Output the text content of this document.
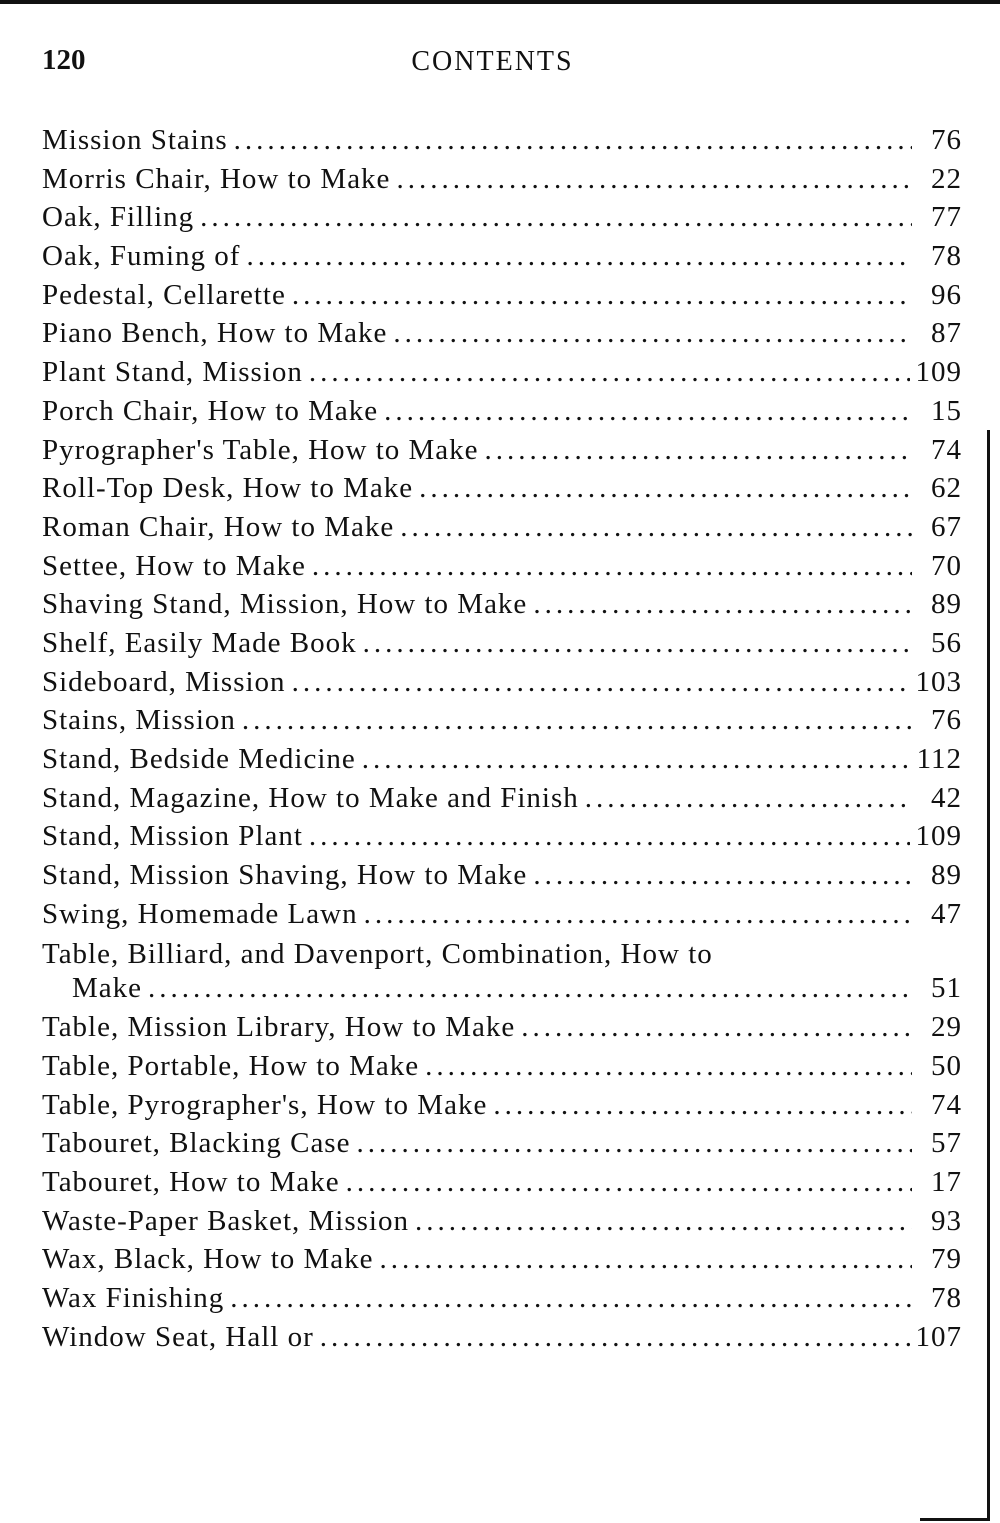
120	CONTENTS
Mission Stains .....	76
Morris Chair, How to Make .....	22
Oak, Filling .....	77
Oak, Fuming of .....	78
Pedestal, Cellarette .....	96
Piano Bench, How to Make .....	87
Plant Stand, Mission .....	109
Porch Chair, How to Make .....	15
Pyrographer's Table, How to Make .....	74
Roll-Top Desk, How to Make .....	62
Roman Chair, How to Make .....	67
Settee, How to Make .....	70
Shaving Stand, Mission, How to Make .....	89
Shelf, Easily Made Book .....	56
Sideboard, Mission .....	103
Stains, Mission .....	76
Stand, Bedside Medicine .....	112
Stand, Magazine, How to Make and Finish .....	42
Stand, Mission Plant .....	109
Stand, Mission Shaving, How to Make .....	89
Swing, Homemade Lawn .....	47
Table, Billiard, and Davenport, Combination, How to
Make .....	51
Table, Mission Library, How to Make .....	29
Table, Portable, How to Make .....	50
Table, Pyrographer's, How to Make .....	74
Tabouret, Blacking Case .....	57
Tabouret, How to Make .....	17
Waste-Paper Basket, Mission .....	93
Wax, Black, How to Make .....	79
Wax Finishing .....	78
Window Seat, Hall or .....	107
